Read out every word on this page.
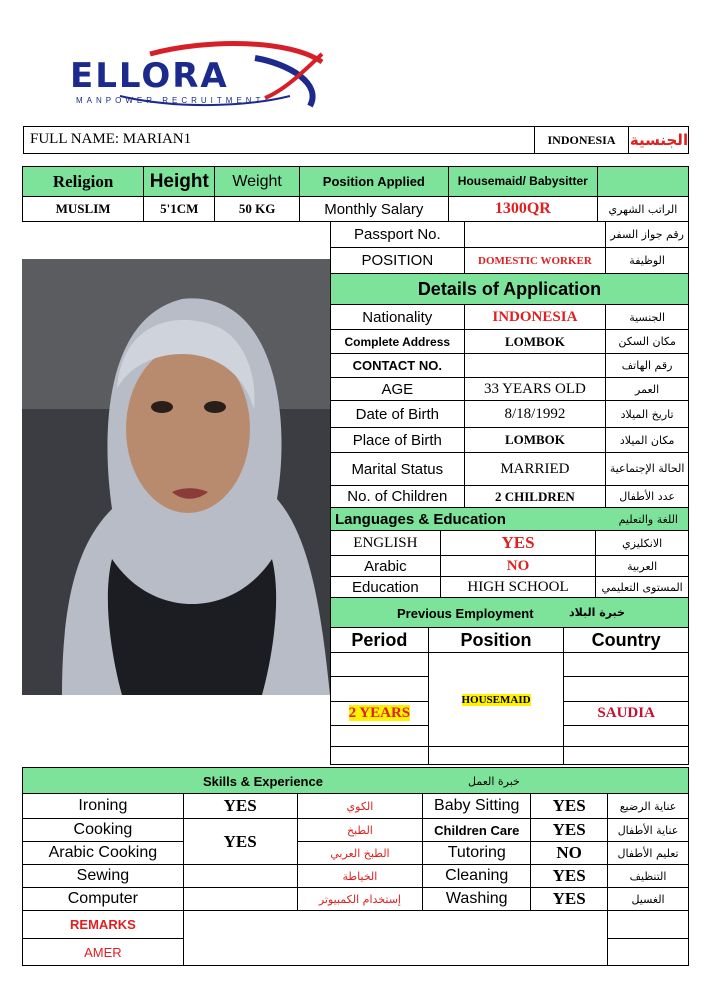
ELLORA
MANPOWER RECRUITMENT
FULL NAME: MARIAN1	INDONESIA الجنسية
Religion	Height	Weight	Position Applied	Housemaid/ Babysitter	
MUSLIM	5'1CM	50 KG	Monthly Salary	1300QR	الراتب الشهري
Passport No.		رقم جواز السفر
POSITION	DOMESTIC WORKER	الوظيفة
Details of Application
Nationality	INDONESIA	الجنسية
Complete Address	LOMBOK	مكان السكن
CONTACT NO.		رقم الهاتف
AGE	33 YEARS OLD	العمر
Date of Birth	8/18/1992	تاريخ الميلاد
Place of Birth	LOMBOK	مكان الميلاد
Marital Status	MARRIED	الحالة الإجتماعية
No. of Children	2 CHILDREN	عدد الأطفال
Languages & Education	اللغة والتعليم
ENGLISH	YES	الانكليزي
Arabic	NO	العربية
Education	HIGH SCHOOL	المستوى التعليمي
Previous Employment	خبرة البلاد
Period	Position	Country
	HOUSEMAID	

2 YEARS		SAUDIA

Skills & Experience	خبرة العمل
Ironing	YES	الكوي	Baby Sitting	YES	عناية الرضيع
Cooking	YES	الطبخ	Children Care	YES	عناية الأطفال
Arabic Cooking		الطبخ العربي	Tutoring	NO	تعليم الأطفال
Sewing		الخياطة	Cleaning	YES	التنظيف
Computer		إستخدام الكمبيوتر	Washing	YES	الغسيل
REMARKS		
AMER		
